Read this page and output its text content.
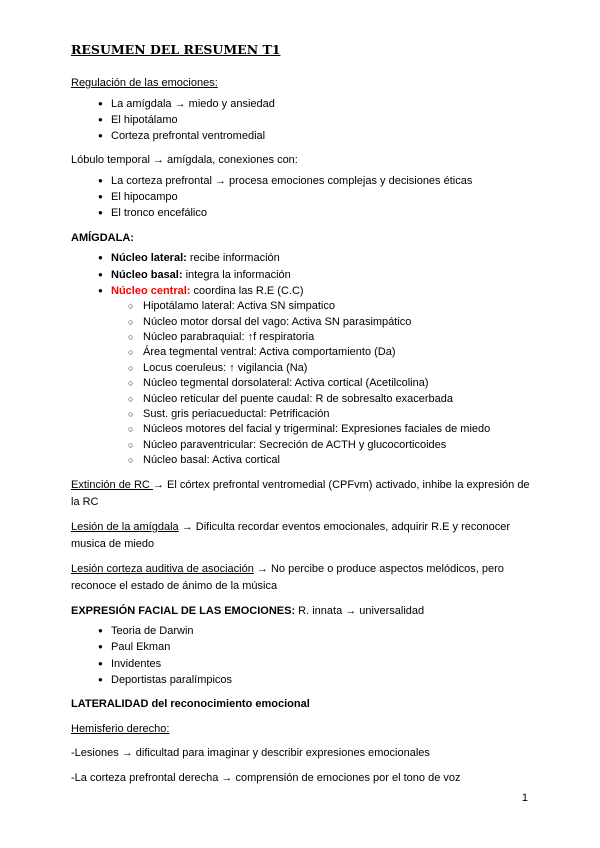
RESUMEN DEL RESUMEN T1

Regulación de las emociones:

● La amígdala → miedo y ansiedad
● El hipotálamo
● Corteza prefrontal ventromedial

Lóbulo temporal → amígdala, conexiones con:

● La corteza prefrontal → procesa emociones complejas y decisiones éticas
● El hipocampo
● El tronco encefálico

AMÍGDALA:

● Núcleo lateral: recibe información
● Núcleo basal: integra la información
● Núcleo central: coordina las R.E (C.C)
○ Hipotálamo lateral: Activa SN simpatico
○ Núcleo motor dorsal del vago: Activa SN parasimpático
○ Núcleo parabraquial: ↑f respiratoria
○ Área tegmental ventral: Activa comportamiento (Da)
○ Locus coeruleus: ↑ vigilancia (Na)
○ Núcleo tegmental dorsolateral: Activa cortical (Acetilcolina)
○ Núcleo reticular del puente caudal: R de sobresalto exacerbada
○ Sust. gris periacueductal: Petrificación
○ Núcleos motores del facial y trigerminal: Expresiones faciales de miedo
○ Núcleo paraventricular: Secreción de ACTH y glucocorticoides
○ Núcleo basal: Activa cortical

Extinción de RC → El córtex prefrontal ventromedial (CPFvm) activado, inhibe la expresión de la RC

Lesión de la amígdala → Dificulta recordar eventos emocionales, adquirir R.E y reconocer musica de miedo

Lesión corteza auditiva de asociación → No percibe o produce aspectos melódicos, pero reconoce el estado de ánimo de la música

EXPRESIÓN FACIAL DE LAS EMOCIONES: R. innata → universalidad

● Teoria de Darwin
● Paul Ekman
● Invidentes
● Deportistas paralímpicos

LATERALIDAD del reconocimiento emocional

Hemisferio derecho:

-Lesiones → dificultad para imaginar y describir expresiones emocionales

-La corteza prefrontal derecha → comprensión de emociones por el tono de voz

1
